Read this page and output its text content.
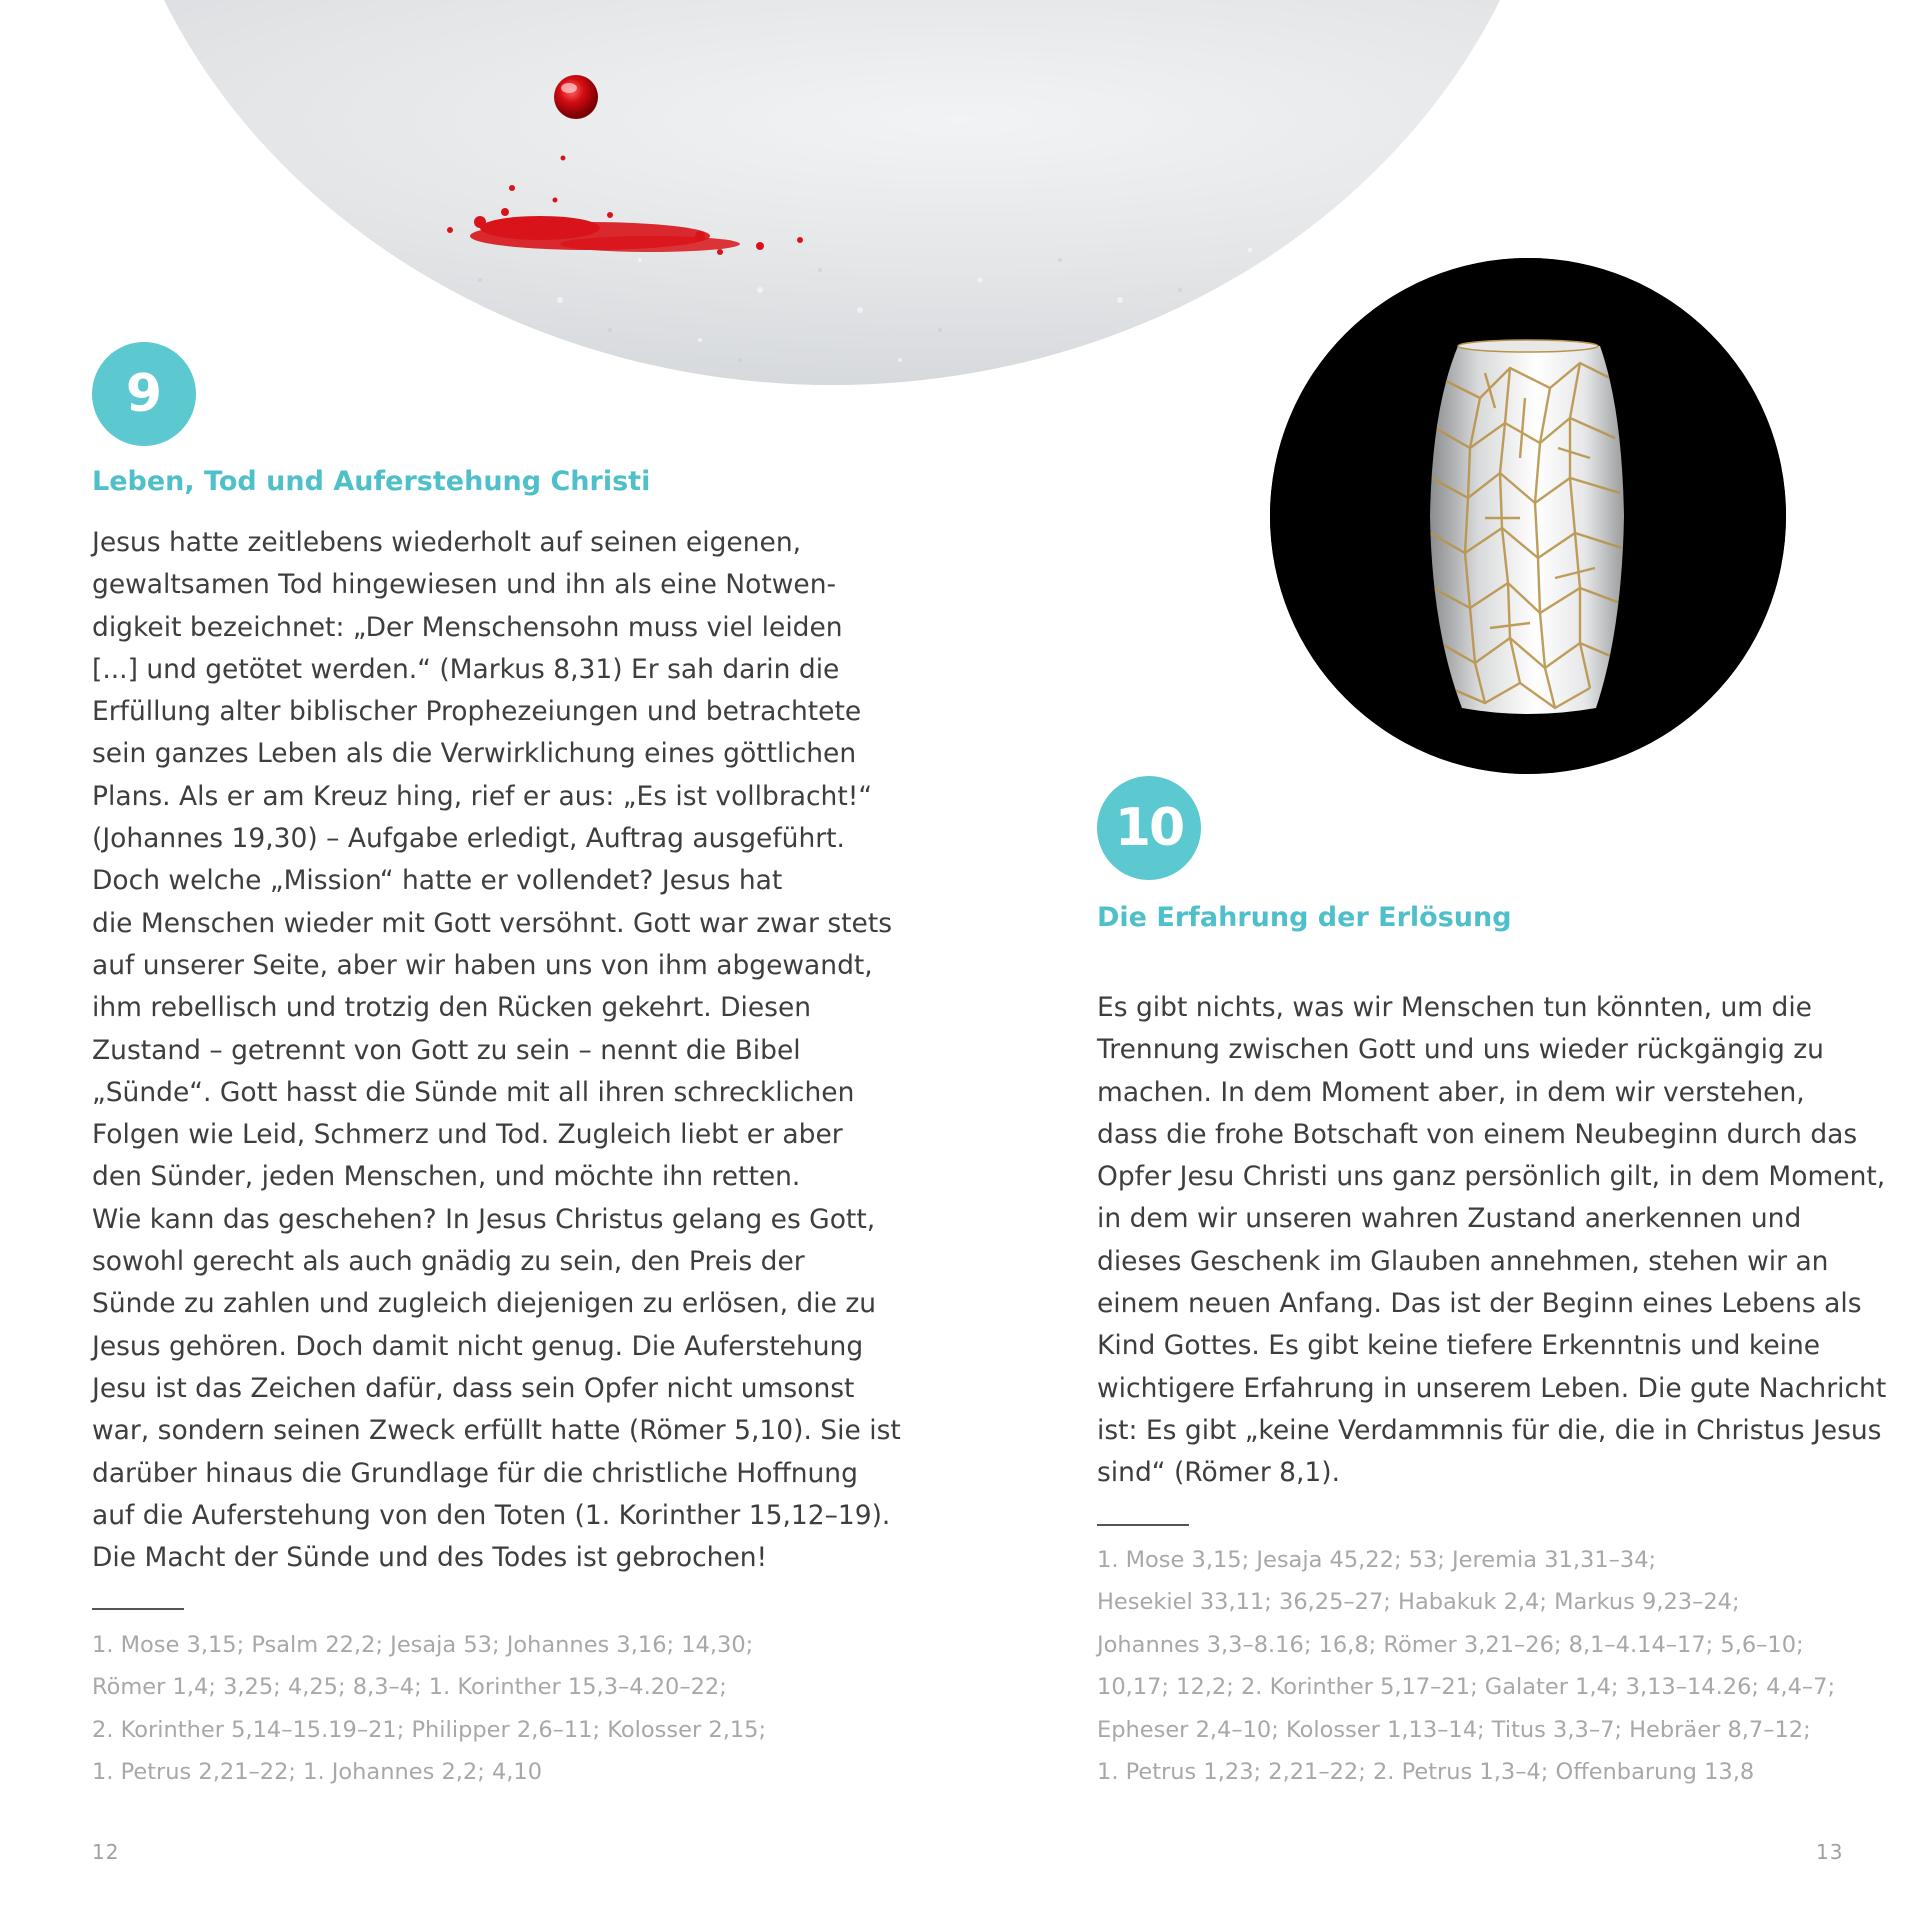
9
Leben, Tod und Auferstehung Christi

Jesus hatte zeitlebens wiederholt auf seinen eigenen,
gewaltsamen Tod hingewiesen und ihn als eine Notwen-
digkeit bezeichnet: „Der Menschensohn muss viel leiden
[...] und getötet werden.“ (Markus 8,31) Er sah darin die
Erfüllung alter biblischer Prophezeiungen und betrachtete
sein ganzes Leben als die Verwirklichung eines göttlichen
Plans. Als er am Kreuz hing, rief er aus: „Es ist vollbracht!“
(Johannes 19,30) – Aufgabe erledigt, Auftrag ausgeführt.
Doch welche „Mission“ hatte er vollendet? Jesus hat
die Menschen wieder mit Gott versöhnt. Gott war zwar stets
auf unserer Seite, aber wir haben uns von ihm abgewandt,
ihm rebellisch und trotzig den Rücken gekehrt. Diesen
Zustand – getrennt von Gott zu sein – nennt die Bibel
„Sünde“. Gott hasst die Sünde mit all ihren schrecklichen
Folgen wie Leid, Schmerz und Tod. Zugleich liebt er aber
den Sünder, jeden Menschen, und möchte ihn retten.
Wie kann das geschehen? In Jesus Christus gelang es Gott,
sowohl gerecht als auch gnädig zu sein, den Preis der
Sünde zu zahlen und zugleich diejenigen zu erlösen, die zu
Jesus gehören. Doch damit nicht genug. Die Auferstehung
Jesu ist das Zeichen dafür, dass sein Opfer nicht umsonst
war, sondern seinen Zweck erfüllt hatte (Römer 5,10). Sie ist
darüber hinaus die Grundlage für die christliche Hoffnung
auf die Auferstehung von den Toten (1. Korinther 15,12–19).
Die Macht der Sünde und des Todes ist gebrochen!

1. Mose 3,15; Psalm 22,2; Jesaja 53; Johannes 3,16; 14,30;
Römer 1,4; 3,25; 4,25; 8,3–4; 1. Korinther 15,3–4.20–22;
2. Korinther 5,14–15.19–21; Philipper 2,6–11; Kolosser 2,15;
1. Petrus 2,21–22; 1. Johannes 2,2; 4,10

10
Die Erfahrung der Erlösung

Es gibt nichts, was wir Menschen tun könnten, um die
Trennung zwischen Gott und uns wieder rückgängig zu
machen. In dem Moment aber, in dem wir verstehen,
dass die frohe Botschaft von einem Neubeginn durch das
Opfer Jesu Christi uns ganz persönlich gilt, in dem Moment,
in dem wir unseren wahren Zustand anerkennen und
dieses Geschenk im Glauben annehmen, stehen wir an
einem neuen Anfang. Das ist der Beginn eines Lebens als
Kind Gottes. Es gibt keine tiefere Erkenntnis und keine
wichtigere Erfahrung in unserem Leben. Die gute Nachricht
ist: Es gibt „keine Verdammnis für die, die in Christus Jesus
sind“ (Römer 8,1).

1. Mose 3,15; Jesaja 45,22; 53; Jeremia 31,31–34;
Hesekiel 33,11; 36,25–27; Habakuk 2,4; Markus 9,23–24;
Johannes 3,3–8.16; 16,8; Römer 3,21–26; 8,1–4.14–17; 5,6–10;
10,17; 12,2; 2. Korinther 5,17–21; Galater 1,4; 3,13–14.26; 4,4–7;
Epheser 2,4–10; Kolosser 1,13–14; Titus 3,3–7; Hebräer 8,7–12;
1. Petrus 1,23; 2,21–22; 2. Petrus 1,3–4; Offenbarung 13,8

12	13
